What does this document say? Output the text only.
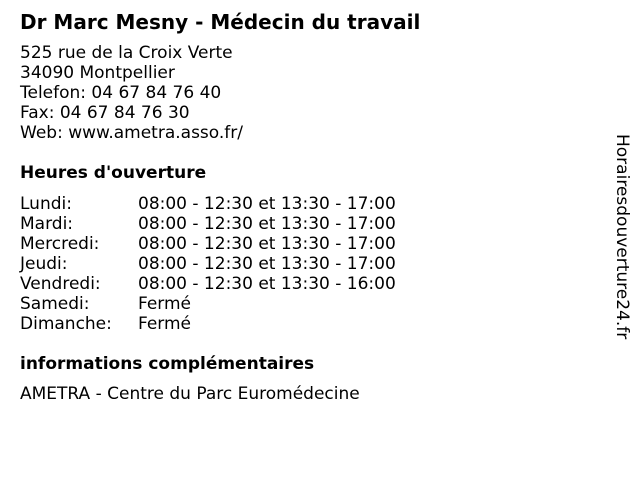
Dr Marc Mesny - Médecin du travail
525 rue de la Croix Verte
34090 Montpellier
Telefon: 04 67 84 76 40
Fax: 04 67 84 76 30
Web: www.ametra.asso.fr/
Heures d'ouverture
Lundi:	08:00 - 12:30 et 13:30 - 17:00
Mardi:	08:00 - 12:30 et 13:30 - 17:00
Mercredi:	08:00 - 12:30 et 13:30 - 17:00
Jeudi:	08:00 - 12:30 et 13:30 - 17:00
Vendredi:	08:00 - 12:30 et 13:30 - 16:00
Samedi:	Fermé
Dimanche:	Fermé
informations complémentaires
AMETRA - Centre du Parc Euromédecine
Horairesdouverture24.fr
